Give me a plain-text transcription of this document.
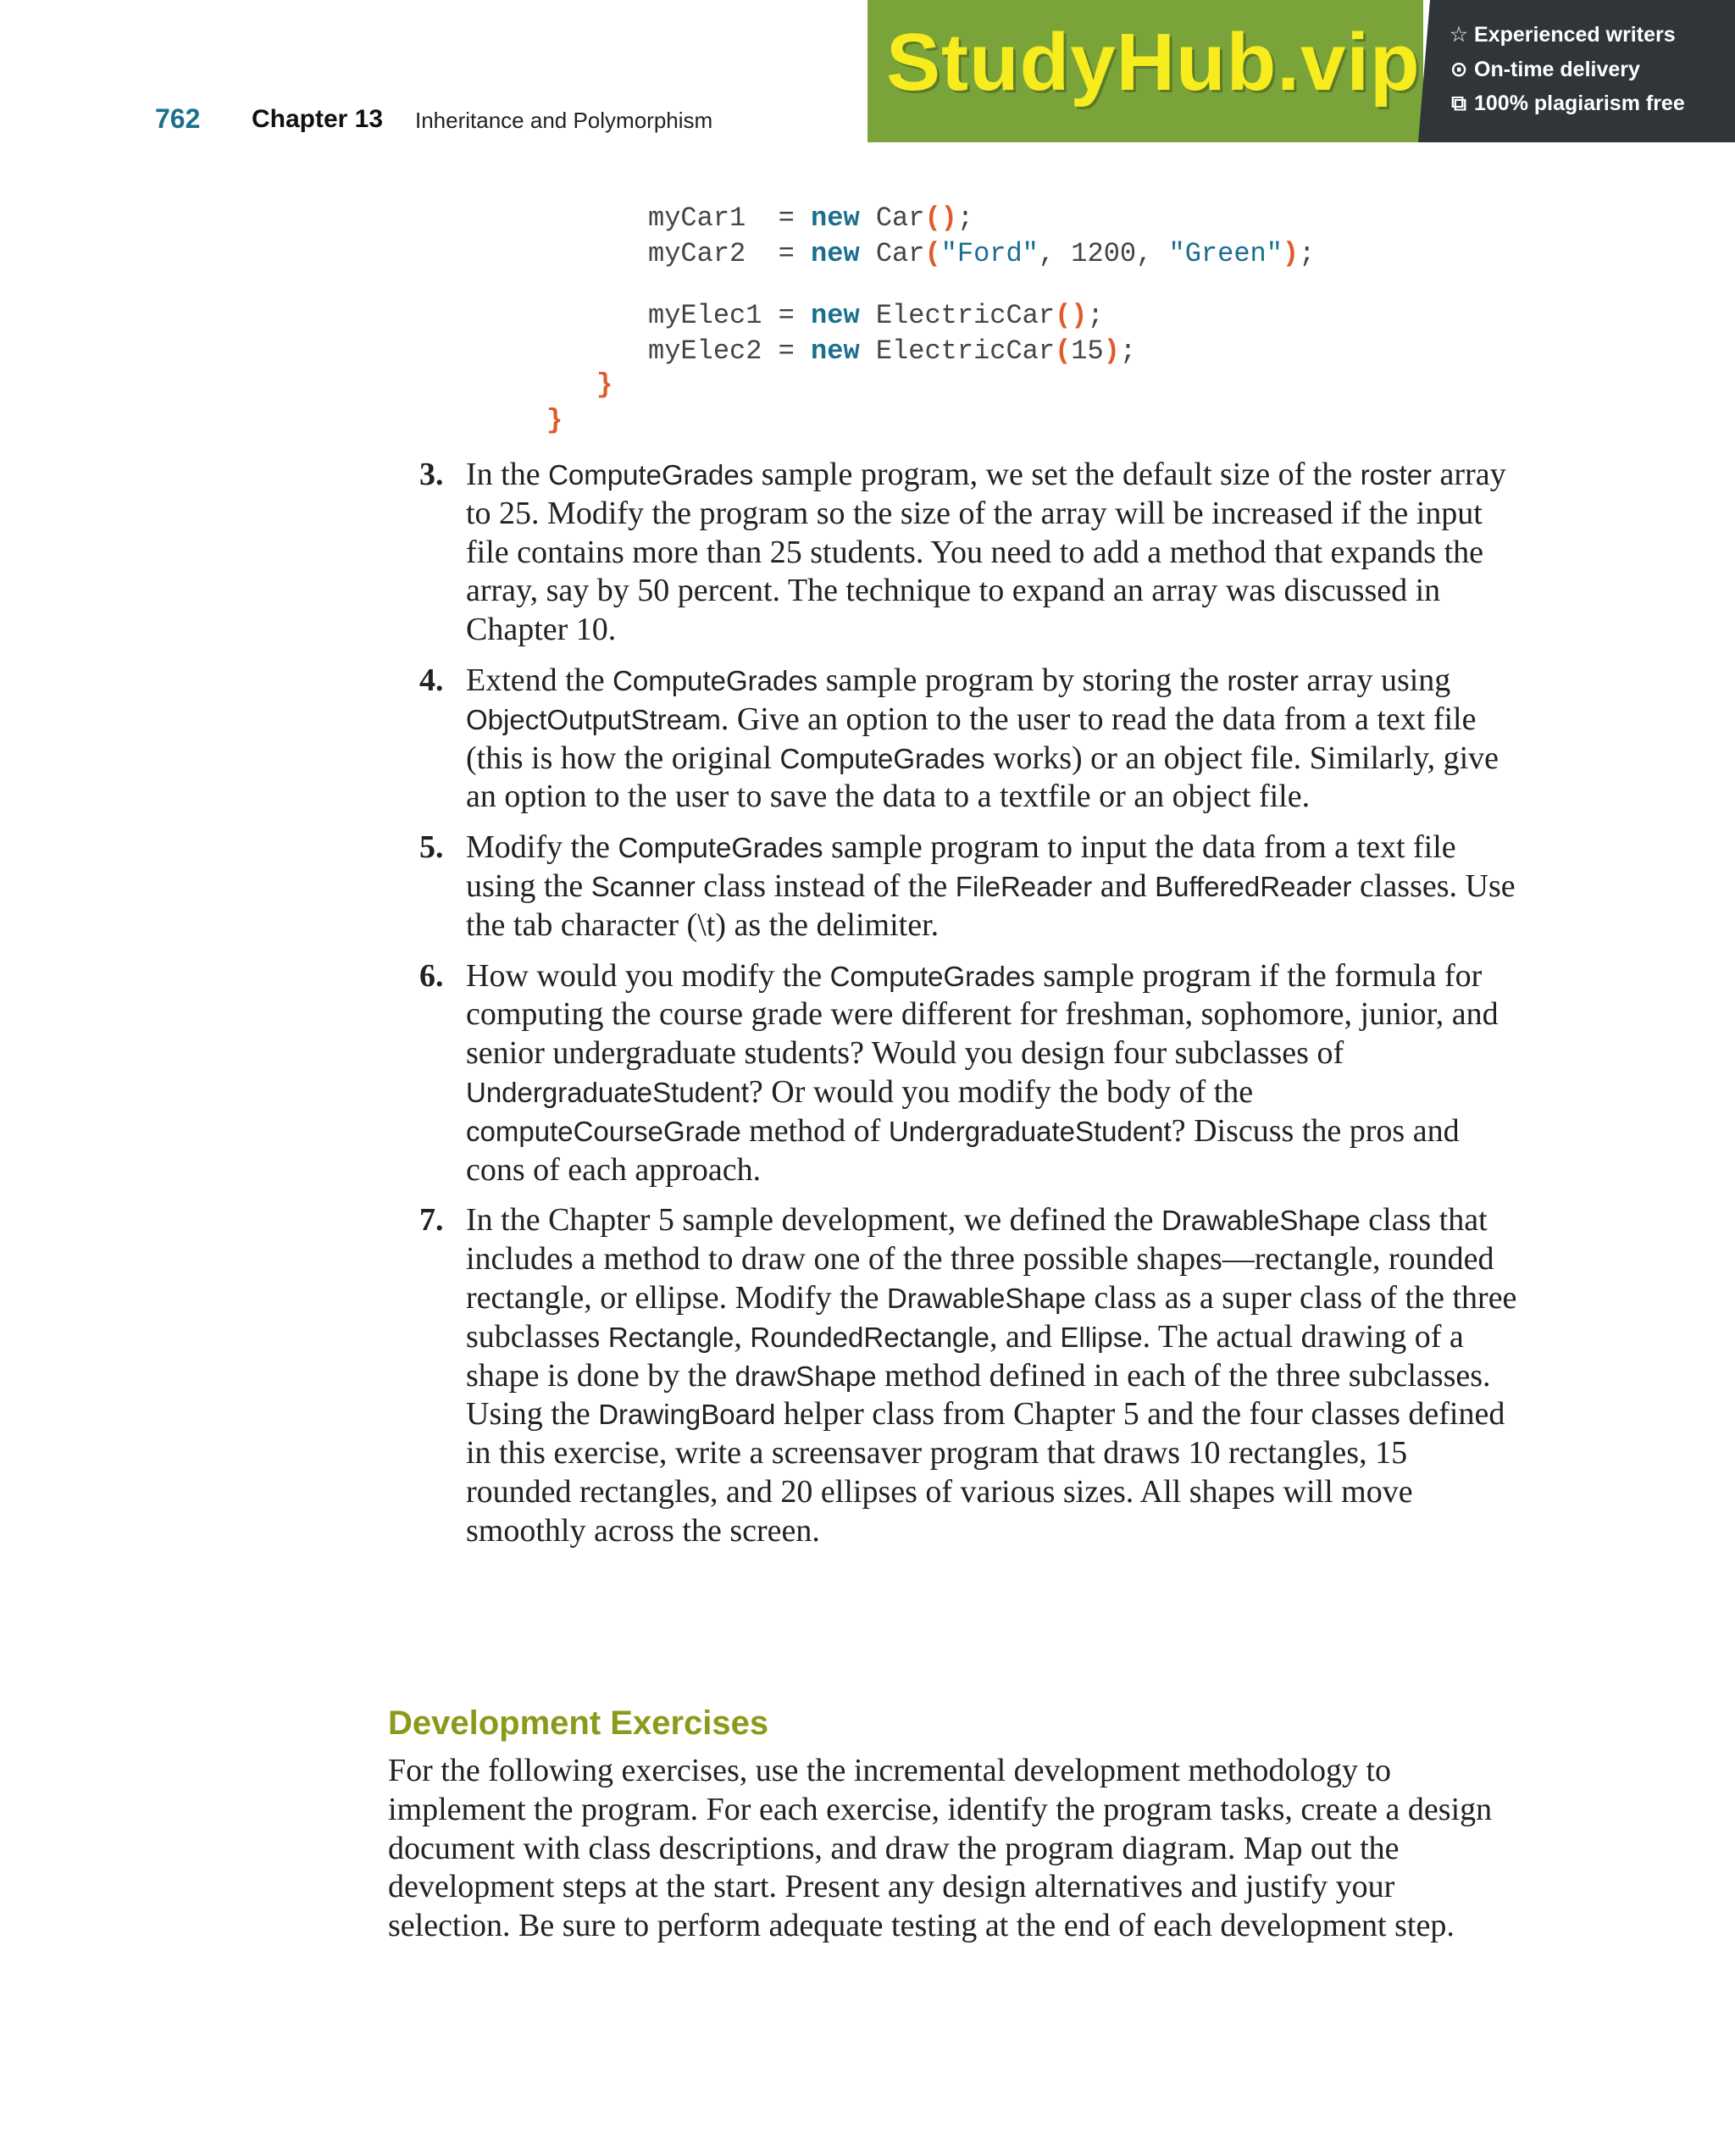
762 Chapter 13 Inheritance and Polymorphism
StudyHub.vip ☆ Experienced writers
⊙ On-time delivery
⧉ 100% plagiarism free
myCar1  = new Car();
myCar2  = new Car("Ford", 1200, "Green");
myElec1 = new ElectricCar();
myElec2 = new ElectricCar(15);
}
}
3. In the ComputeGrades sample program, we set the default size of the roster array to 25. Modify the program so the size of the array will be increased if the input file contains more than 25 students. You need to add a method that expands the array, say by 50 percent. The technique to expand an array was discussed in Chapter 10.
4. Extend the ComputeGrades sample program by storing the roster array using ObjectOutputStream. Give an option to the user to read the data from a text file (this is how the original ComputeGrades works) or an object file. Similarly, give an option to the user to save the data to a textfile or an object file.
5. Modify the ComputeGrades sample program to input the data from a text file using the Scanner class instead of the FileReader and BufferedReader classes. Use the tab character (\t) as the delimiter.
6. How would you modify the ComputeGrades sample program if the formula for computing the course grade were different for freshman, sophomore, junior, and senior undergraduate students? Would you design four subclasses of UndergraduateStudent? Or would you modify the body of the computeCourseGrade method of UndergraduateStudent? Discuss the pros and cons of each approach.
7. In the Chapter 5 sample development, we defined the DrawableShape class that includes a method to draw one of the three possible shapes—rectangle, rounded rectangle, or ellipse. Modify the DrawableShape class as a super class of the three subclasses Rectangle, RoundedRectangle, and Ellipse. The actual drawing of a shape is done by the drawShape method defined in each of the three subclasses. Using the DrawingBoard helper class from Chapter 5 and the four classes defined in this exercise, write a screensaver program that draws 10 rectangles, 15 rounded rectangles, and 20 ellipses of various sizes. All shapes will move smoothly across the screen.
Development Exercises
For the following exercises, use the incremental development methodology to implement the program. For each exercise, identify the program tasks, create a design document with class descriptions, and draw the program diagram. Map out the development steps at the start. Present any design alternatives and justify your selection. Be sure to perform adequate testing at the end of each development step.
